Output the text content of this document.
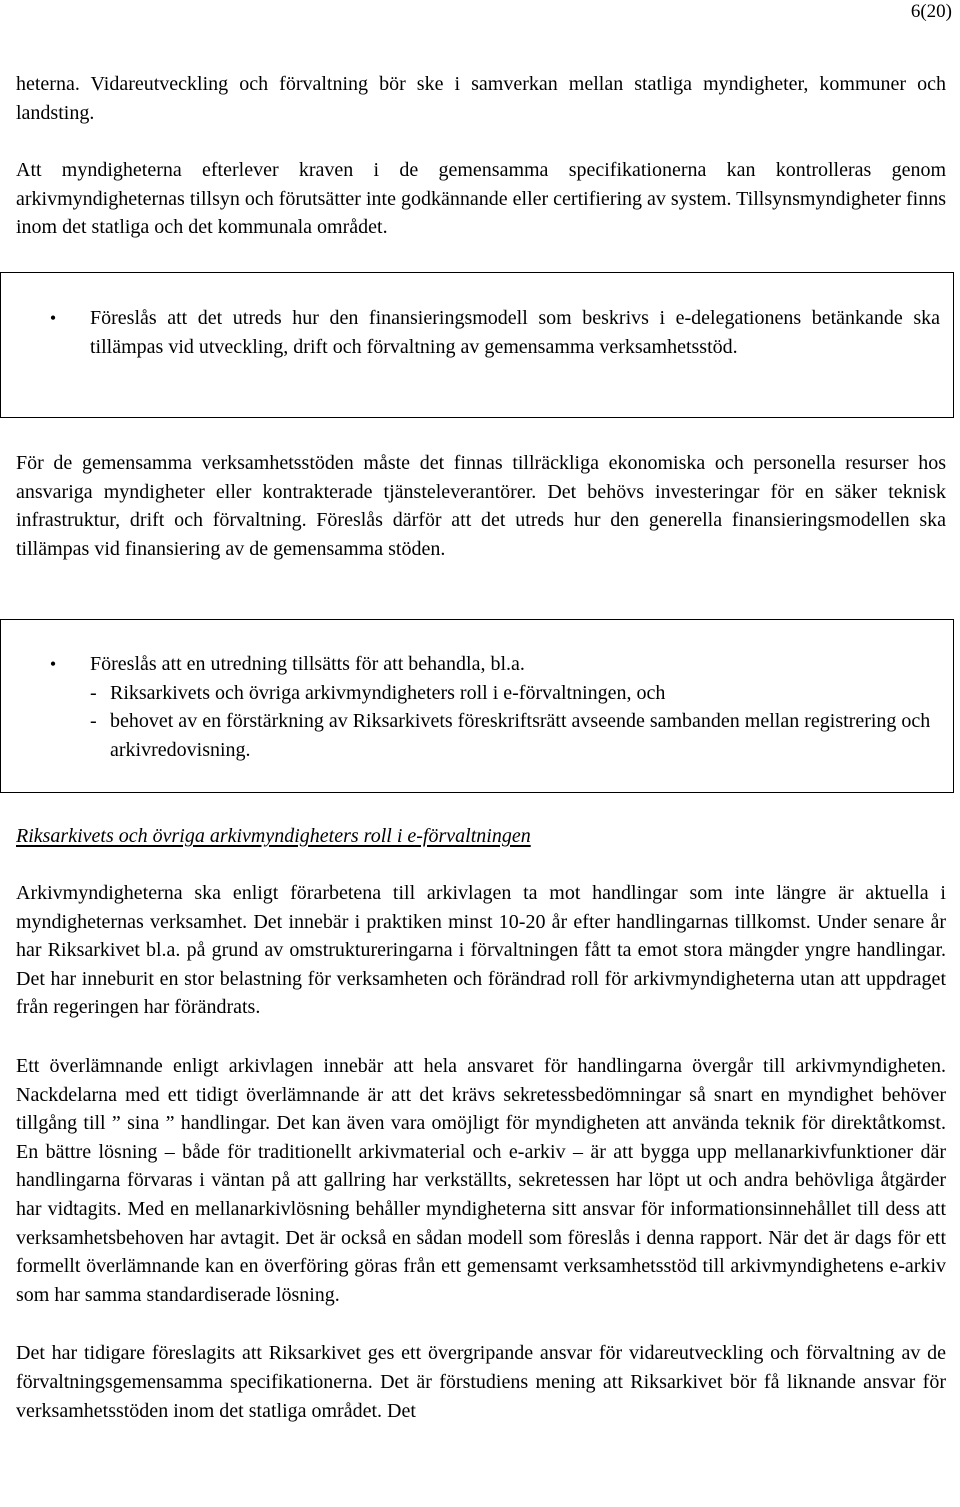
6(20)

heterna. Vidareutveckling och förvaltning bör ske i samverkan mellan statliga myndigheter, kommuner och landsting.

Att myndigheterna efterlever kraven i de gemensamma specifikationerna kan kontrolleras genom arkivmyndigheternas tillsyn och förutsätter inte godkännande eller certifiering av system. Tillsynsmyndigheter finns inom det statliga och det kommunala området.

•	Föreslås att det utreds hur den finansieringsmodell som beskrivs i e-delegationens betänkande ska tillämpas vid utveckling, drift och förvaltning av gemensamma verksamhetsstöd.

För de gemensamma verksamhetsstöden måste det finnas tillräckliga ekonomiska och personella resurser hos ansvariga myndigheter eller kontrakterade tjänsteleverantörer. Det behövs investeringar för en säker teknisk infrastruktur, drift och förvaltning. Föreslås därför att det utreds hur den generella finansieringsmodellen ska tillämpas vid finansiering av de gemensamma stöden.

•	Föreslås att en utredning tillsätts för att behandla, bl.a.

- Riksarkivets och övriga arkivmyndigheters roll i e-förvaltningen, och
- behovet av en förstärkning av Riksarkivets föreskriftsrätt avseende sambanden mellan registrering och arkivredovisning.
Riksarkivets och övriga arkivmyndigheters roll i e-förvaltningen

Arkivmyndigheterna ska enligt förarbetena till arkivlagen ta mot handlingar som inte längre är aktuella i myndigheternas verksamhet. Det innebär i praktiken minst 10-20 år efter handlingarnas tillkomst. Under senare år har Riksarkivet bl.a. på grund av omstruktureringarna i förvaltningen fått ta emot stora mängder yngre handlingar. Det har inneburit en stor belastning för verksamheten och förändrad roll för arkivmyndigheterna utan att uppdraget från regeringen har förändrats.

Ett överlämnande enligt arkivlagen innebär att hela ansvaret för handlingarna övergår till arkivmyndigheten. Nackdelarna med ett tidigt överlämnande är att det krävs sekretessbedömningar så snart en myndighet behöver tillgång till ” sina ” handlingar. Det kan även vara omöjligt för myndigheten att använda teknik för direktåtkomst. En bättre lösning – både för traditionellt arkivmaterial och e-arkiv – är att bygga upp mellanarkivfunktioner där handlingarna förvaras i väntan på att gallring har verkställts, sekretessen har löpt ut och andra behövliga åtgärder har vidtagits. Med en mellanarkivlösning behåller myndigheterna sitt ansvar för informationsinnehållet till dess att verksamhetsbehoven har avtagit. Det är också en sådan modell som föreslås i denna rapport. När det är dags för ett formellt överlämnande kan en överföring göras från ett gemensamt verksamhetsstöd till arkivmyndighetens e-arkiv som har samma standardiserade lösning.

Det har tidigare föreslagits att Riksarkivet ges ett övergripande ansvar för vidareutveckling och förvaltning av de förvaltningsgemensamma specifikationerna. Det är förstudiens mening att Riksarkivet bör få liknande ansvar för verksamhetsstöden inom det statliga området. Det
